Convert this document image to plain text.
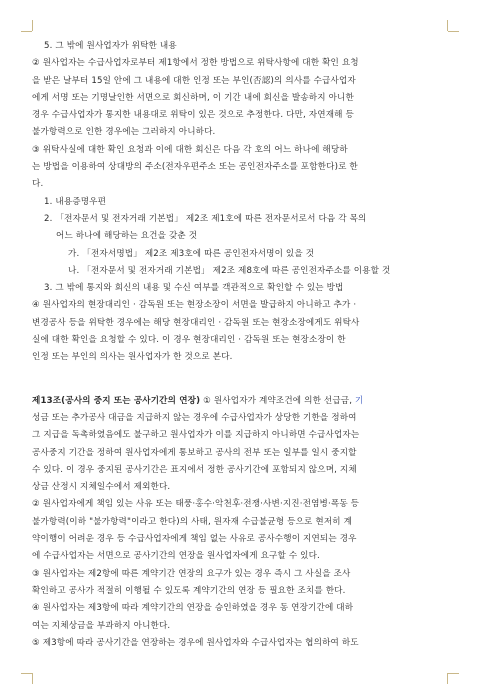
5. 그 밖에 원사업자가 위탁한 내용
② 원사업자는 수급사업자로부터 제1항에서 정한 방법으로 위탁사항에 대한 확인 요청
을 받은 날부터 15일 안에 그 내용에 대한 인정 또는 부인(否認)의 의사를 수급사업자
에게 서명 또는 기명날인한 서면으로 회신하며, 이 기간 내에 회신을 발송하지 아니한
경우 수급사업자가 통지한 내용대로 위탁이 있은 것으로 추정한다. 다만, 자연재해 등
불가항력으로 인한 경우에는 그러하지 아니하다.
③ 위탁사실에 대한 확인 요청과 이에 대한 회신은 다음 각 호의 어느 하나에 해당하
는 방법을 이용하여 상대방의 주소(전자우편주소 또는 공인전자주소를 포함한다)로 한
다.
1. 내용증명우편
2. 「전자문서 및 전자거래 기본법」 제2조 제1호에 따른 전자문서로서 다음 각 목의
어느 하나에 해당하는 요건을 갖춘 것
가. 「전자서명법」 제2조 제3호에 따른 공인전자서명이 있을 것
나. 「전자문서 및 전자거래 기본법」 제2조 제8호에 따른 공인전자주소를 이용할 것
3. 그 밖에 통지와 회신의 내용 및 수신 여부를 객관적으로 확인할 수 있는 방법
④ 원사업자의 현장대리인 · 감독원 또는 현장소장이 서면을 발급하지 아니하고 추가 ·
변경공사 등을 위탁한 경우에는 해당 현장대리인 · 감독원 또는 현장소장에게도 위탁사
실에 대한 확인을 요청할 수 있다. 이 경우 현장대리인 · 감독원 또는 현장소장이 한
인정 또는 부인의 의사는 원사업자가 한 것으로 본다.
제13조(공사의 중지 또는 공사기간의 연장) ① 원사업자가 계약조건에 의한 선급금, 기
성금 또는 추가공사 대금을 지급하지 않는 경우에 수급사업자가 상당한 기한을 정하여
그 지급을 독촉하였음에도 불구하고 원사업자가 이를 지급하지 아니하면 수급사업자는
공사중지 기간을 정하여 원사업자에게 통보하고 공사의 전부 또는 일부를 일시 중지할
수 있다. 이 경우 중지된 공사기간은 표지에서 정한 공사기간에 포함되지 않으며, 지체
상금 산정시 지체일수에서 제외한다.
② 원사업자에게 책임 있는 사유 또는 태풍·홍수·악천후·전쟁·사변·지진·전염병·폭동 등
불가항력(이하 "불가항력"이라고 한다)의 사태, 원자재 수급불균형 등으로 현저히 계
약이행이 어려운 경우 등 수급사업자에게 책임 없는 사유로 공사수행이 지연되는 경우
에 수급사업자는 서면으로 공사기간의 연장을 원사업자에게 요구할 수 있다.
③ 원사업자는 제2항에 따른 계약기간 연장의 요구가 있는 경우 즉시 그 사실을 조사
확인하고 공사가 적절히 이행될 수 있도록 계약기간의 연장 등 필요한 조치를 한다.
④ 원사업자는 제3항에 따라 계약기간의 연장을 승인하였을 경우 동 연장기간에 대하
여는 지체상금을 부과하지 아니한다.
⑤ 제3항에 따라 공사기간을 연장하는 경우에 원사업자와 수급사업자는 협의하여 하도
